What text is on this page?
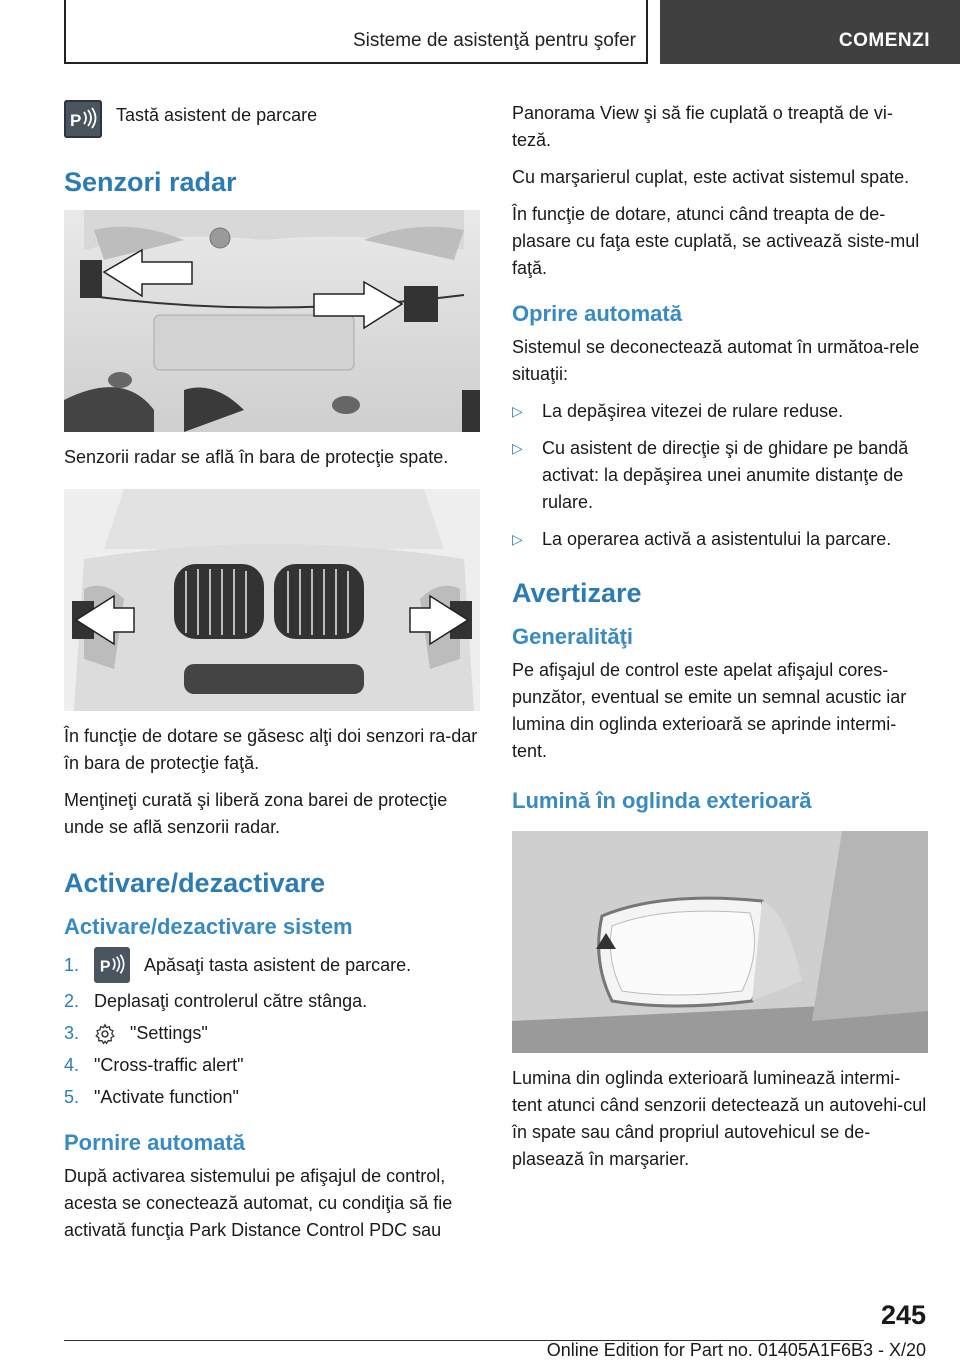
Sisteme de asistenţă pentru şofer	COMENZI
P Tastă asistent de parcare
Senzori radar

Senzorii radar se află în bara de protecţie spate.

În funcţie de dotare se găsesc alţi doi senzori ra‐dar în bara de protecţie faţă.

Menţineţi curată şi liberă zona barei de protecţie unde se află senzorii radar.

Activare/dezactivare
Activare/dezactivare sistem
1.	P Apăsaţi tasta asistent de parcare.
2. Deplasaţi controlerul către stânga.
3.	"Settings"
4. "Cross-traffic alert"
5. "Activate function"
Pornire automată

După activarea sistemului pe afişajul de control, acesta se conectează automat, cu condiţia să fie activată funcţia Park Distance Control PDC sau

Panorama View şi să fie cuplată o treaptă de vi‐teză.

Cu marşarierul cuplat, este activat sistemul spate.

În funcţie de dotare, atunci când treapta de de‐plasare cu faţa este cuplată, se activează siste‐mul faţă.

Oprire automată

Sistemul se deconectează automat în următoa‐rele situaţii:

▷	La depăşirea vitezei de rulare reduse.
▷	Cu asistent de direcţie şi de ghidare pe bandă activat: la depăşirea unei anumite distanţe de rulare.
▷	La operarea activă a asistentului la parcare.
Avertizare
Generalităţi

Pe afişajul de control este apelat afişajul cores‐punzător, eventual se emite un semnal acustic iar lumina din oglinda exterioară se aprinde intermi‐tent.

Lumină în oglinda exterioară

Lumina din oglinda exterioară luminează intermi‐tent atunci când senzorii detectează un autovehi‐cul în spate sau când propriul autovehicul se de‐plasează în marşarier.

245
Online Edition for Part no. 01405A1F6B3 - X/20
